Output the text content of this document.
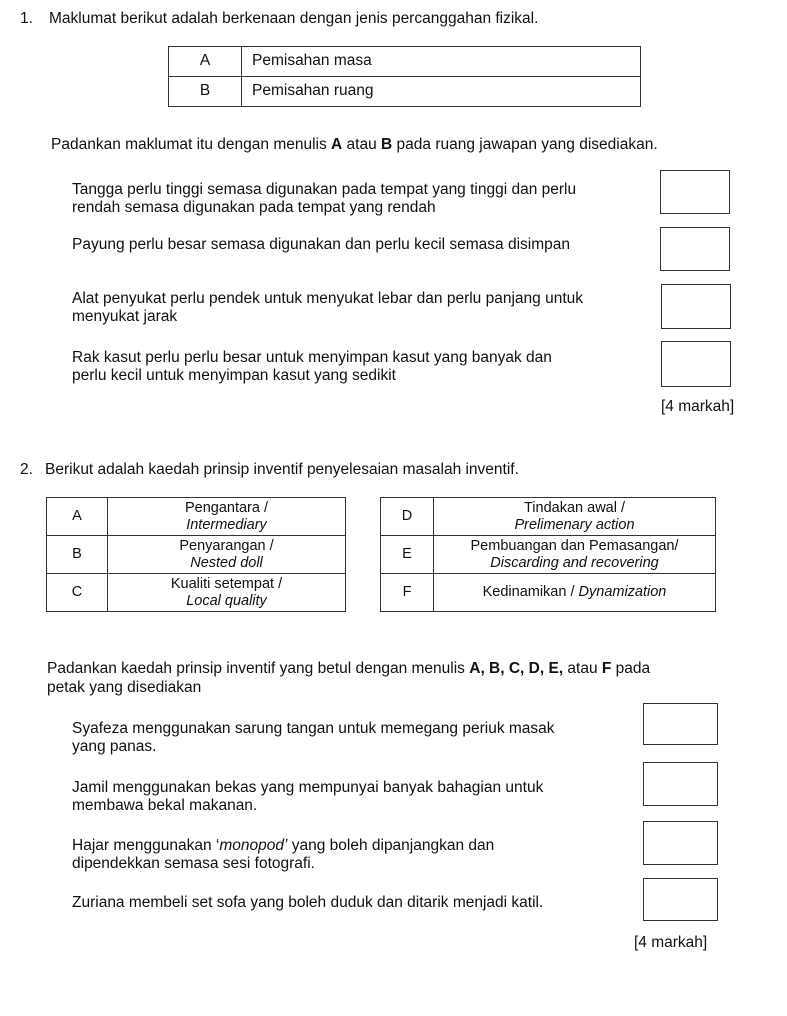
1. Maklumat berikut adalah berkenaan dengan jenis percanggahan fizikal.
A	Pemisahan masa
B	Pemisahan ruang
Padankan maklumat itu dengan menulis A atau B pada ruang jawapan yang disediakan.
Tangga perlu tinggi semasa digunakan pada tempat yang tinggi dan perlu
rendah semasa digunakan pada tempat yang rendah
Payung perlu besar semasa digunakan dan perlu kecil semasa disimpan
Alat penyukat perlu pendek untuk menyukat lebar dan perlu panjang untuk
menyukat jarak
Rak kasut perlu perlu besar untuk menyimpan kasut yang banyak dan
perlu kecil untuk menyimpan kasut yang sedikit
[4 markah]
2. Berikut adalah kaedah prinsip inventif penyelesaian masalah inventif.
A	Pengantara /
Intermediary

B	Penyarangan /
Nested doll

C	Kualiti setempat /
Local quality
D	Tindakan awal /
Prelimenary action

E	Pembuangan dan Pemasangan/
Discarding and recovering

F	Kedinamikan / Dynamization
Padankan kaedah prinsip inventif yang betul dengan menulis A, B, C, D, E, atau F pada
petak yang disediakan
Syafeza menggunakan sarung tangan untuk memegang periuk masak
yang panas.
Jamil menggunakan bekas yang mempunyai banyak bahagian untuk
membawa bekal makanan.
Hajar menggunakan ‘monopod’ yang boleh dipanjangkan dan
dipendekkan semasa sesi fotografi.
Zuriana membeli set sofa yang boleh duduk dan ditarik menjadi katil.
[4 markah]
